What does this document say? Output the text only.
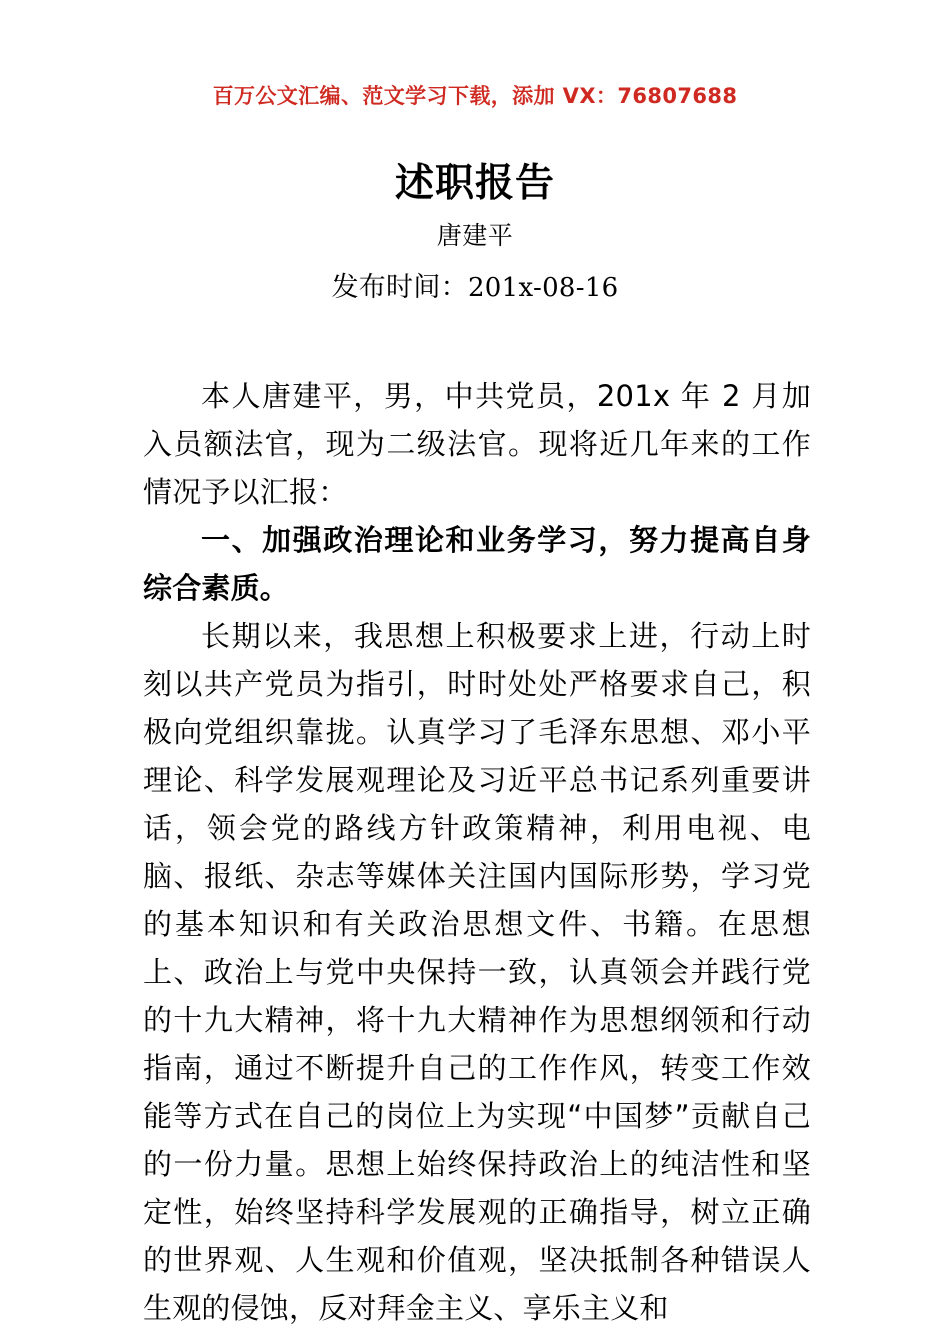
百万公文汇编、范文学习下载，添加 VX：76807688
述职报告
唐建平
发布时间：201x-08-16

本人唐建平，男，中共党员，201x 年 2 月加入员额法官，现为二级法官。现将近几年来的工作情况予以汇报：

一、加强政治理论和业务学习，努力提高自身综合素质。

长期以来，我思想上积极要求上进，行动上时刻以共产党员为指引，时时处处严格要求自己，积极向党组织靠拢。认真学习了毛泽东思想、邓小平理论、科学发展观理论及习近平总书记系列重要讲话，领会党的路线方针政策精神，利用电视、电脑、报纸、杂志等媒体关注国内国际形势，学习党的基本知识和有关政治思想文件、书籍。在思想上、政治上与党中央保持一致，认真领会并践行党的十九大精神，将十九大精神作为思想纲领和行动指南，通过不断提升自己的工作作风，转变工作效能等方式在自己的岗位上为实现“中国梦”贡献自己的一份力量。思想上始终保持政治上的纯洁性和坚定性，始终坚持科学发展观的正确指导，树立正确的世界观、人生观和价值观，坚决抵制各种错误人生观的侵蚀，反对拜金主义、享乐主义和
